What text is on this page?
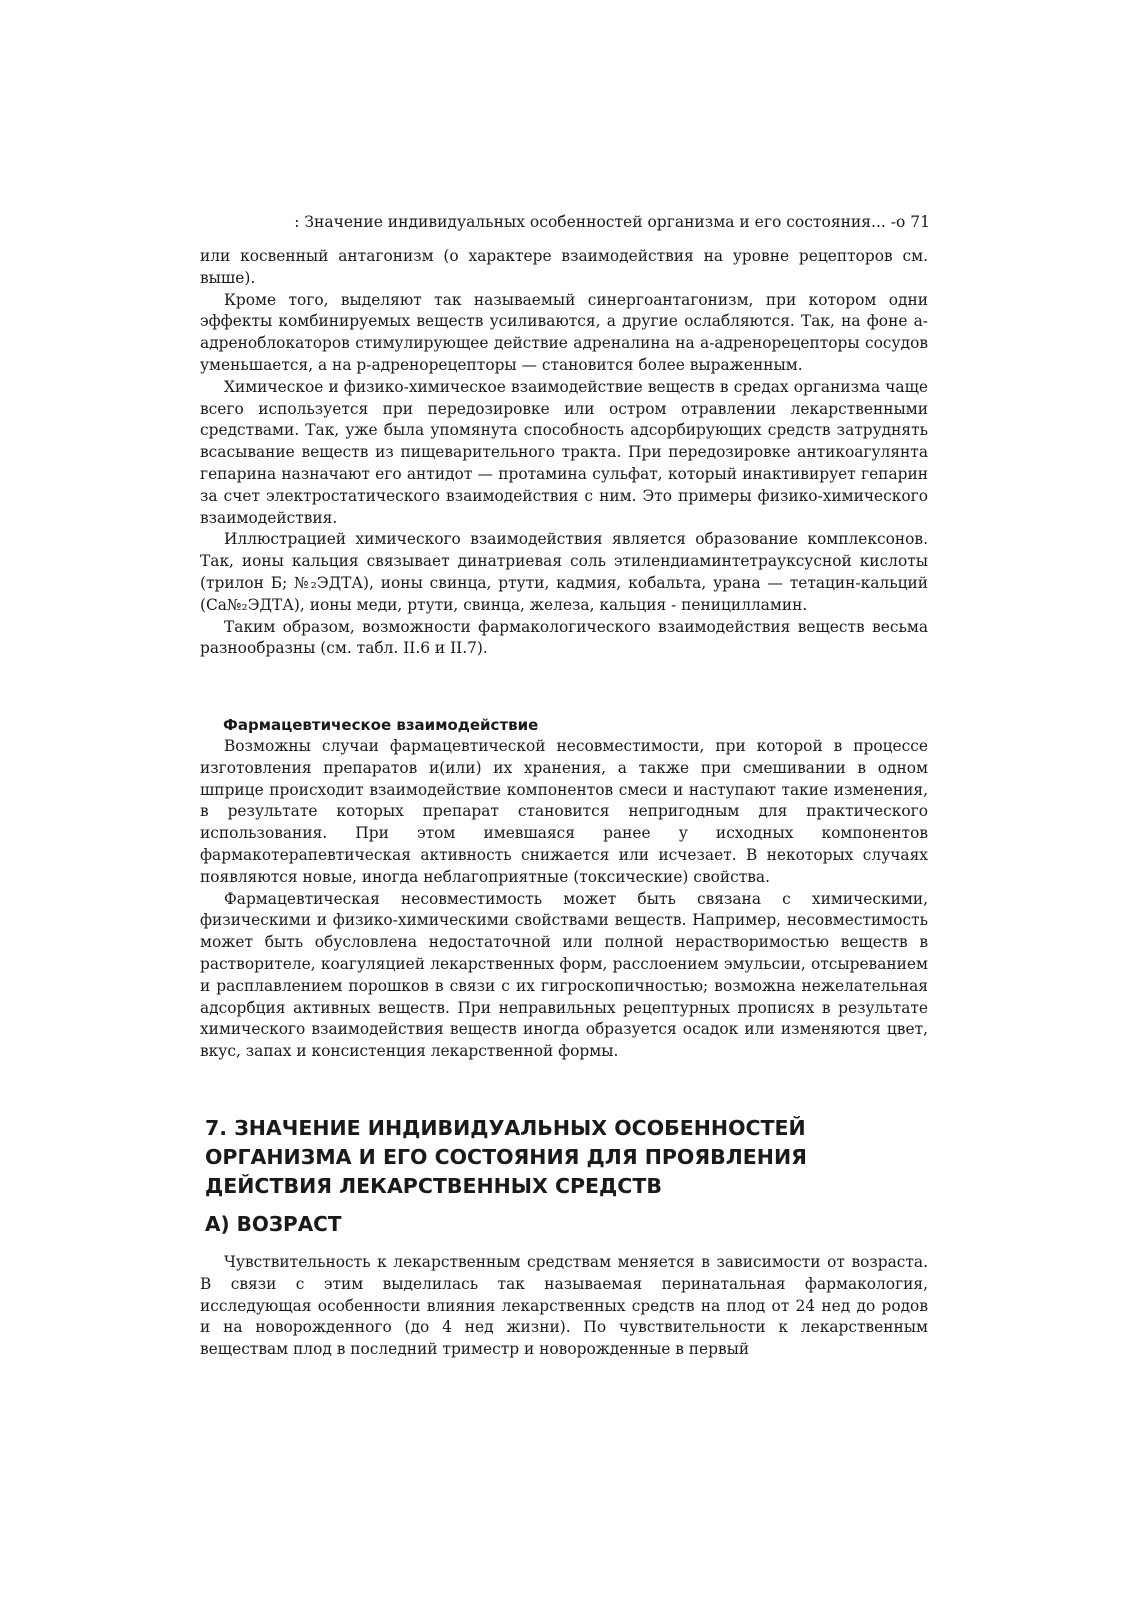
: Значение индивидуальных особенностей организма и его состояния... -о 71

или косвенный антагонизм (о характере взаимодействия на уровне рецепторов см. выше).

Кроме того, выделяют так называемый синергоантагонизм, при котором одни эффекты комбинируемых веществ усиливаются, а другие ослабляются. Так, на фоне а-адреноблокаторов стимулирующее действие адреналина на а-адренорецепторы сосудов уменьшается, а на р-адренорецепторы — становится более выраженным.

Химическое и физико-химическое взаимодействие веществ в средах организма чаще всего используется при передозировке или остром отравлении лекарственными средствами. Так, уже была упомянута способность адсорбирующих средств затруднять всасывание веществ из пищеварительного тракта. При передозировке антикоагулянта гепарина назначают его антидот — протамина сульфат, который инактивирует гепарин за счет электростатического взаимодействия с ним. Это примеры физико-химического взаимодействия.

Иллюстрацией химического взаимодействия является образование комплексонов. Так, ионы кальция связывает динатриевая соль этилендиаминтетрауксусной кислоты (трилон Б; №₂ЭДТА), ионы свинца, ртути, кадмия, кобальта, урана — тетацин-кальций (Са№₂ЭДТА), ионы меди, ртути, свинца, железа, кальция - пеницилламин.

Таким образом, возможности фармакологического взаимодействия веществ весьма разнообразны (см. табл. II.6 и II.7).

Фармацевтическое взаимодействие

Возможны случаи фармацевтической несовместимости, при которой в процессе изготовления препаратов и(или) их хранения, а также при смешивании в одном шприце происходит взаимодействие компонентов смеси и наступают такие изменения, в результате которых препарат становится непригодным для практического использования. При этом имевшаяся ранее у исходных компонентов фармакотерапевтическая активность снижается или исчезает. В некоторых случаях появляются новые, иногда неблагоприятные (токсические) свойства.

Фармацевтическая несовместимость может быть связана с химическими, физическими и физико-химическими свойствами веществ. Например, несовместимость может быть обусловлена недостаточной или полной нерастворимостью веществ в растворителе, коагуляцией лекарственных форм, расслоением эмульсии, отсыреванием и расплавлением порошков в связи с их гигроскопичностью; возможна нежелательная адсорбция активных веществ. При неправильных рецептурных прописях в результате химического взаимодействия веществ иногда образуется осадок или изменяются цвет, вкус, запах и консистенция лекарственной формы.

7. ЗНАЧЕНИЕ ИНДИВИДУАЛЬНЫХ ОСОБЕННОСТЕЙ
ОРГАНИЗМА И ЕГО СОСТОЯНИЯ ДЛЯ ПРОЯВЛЕНИЯ
ДЕЙСТВИЯ ЛЕКАРСТВЕННЫХ СРЕДСТВ
А) ВОЗРАСТ

Чувствительность к лекарственным средствам меняется в зависимости от возраста. В связи с этим выделилась так называемая перинатальная фармакология, исследующая особенности влияния лекарственных средств на плод от 24 нед до родов и на новорожденного (до 4 нед жизни). По чувствительности к лекарственным веществам плод в последний триместр и новорожденные в первый
